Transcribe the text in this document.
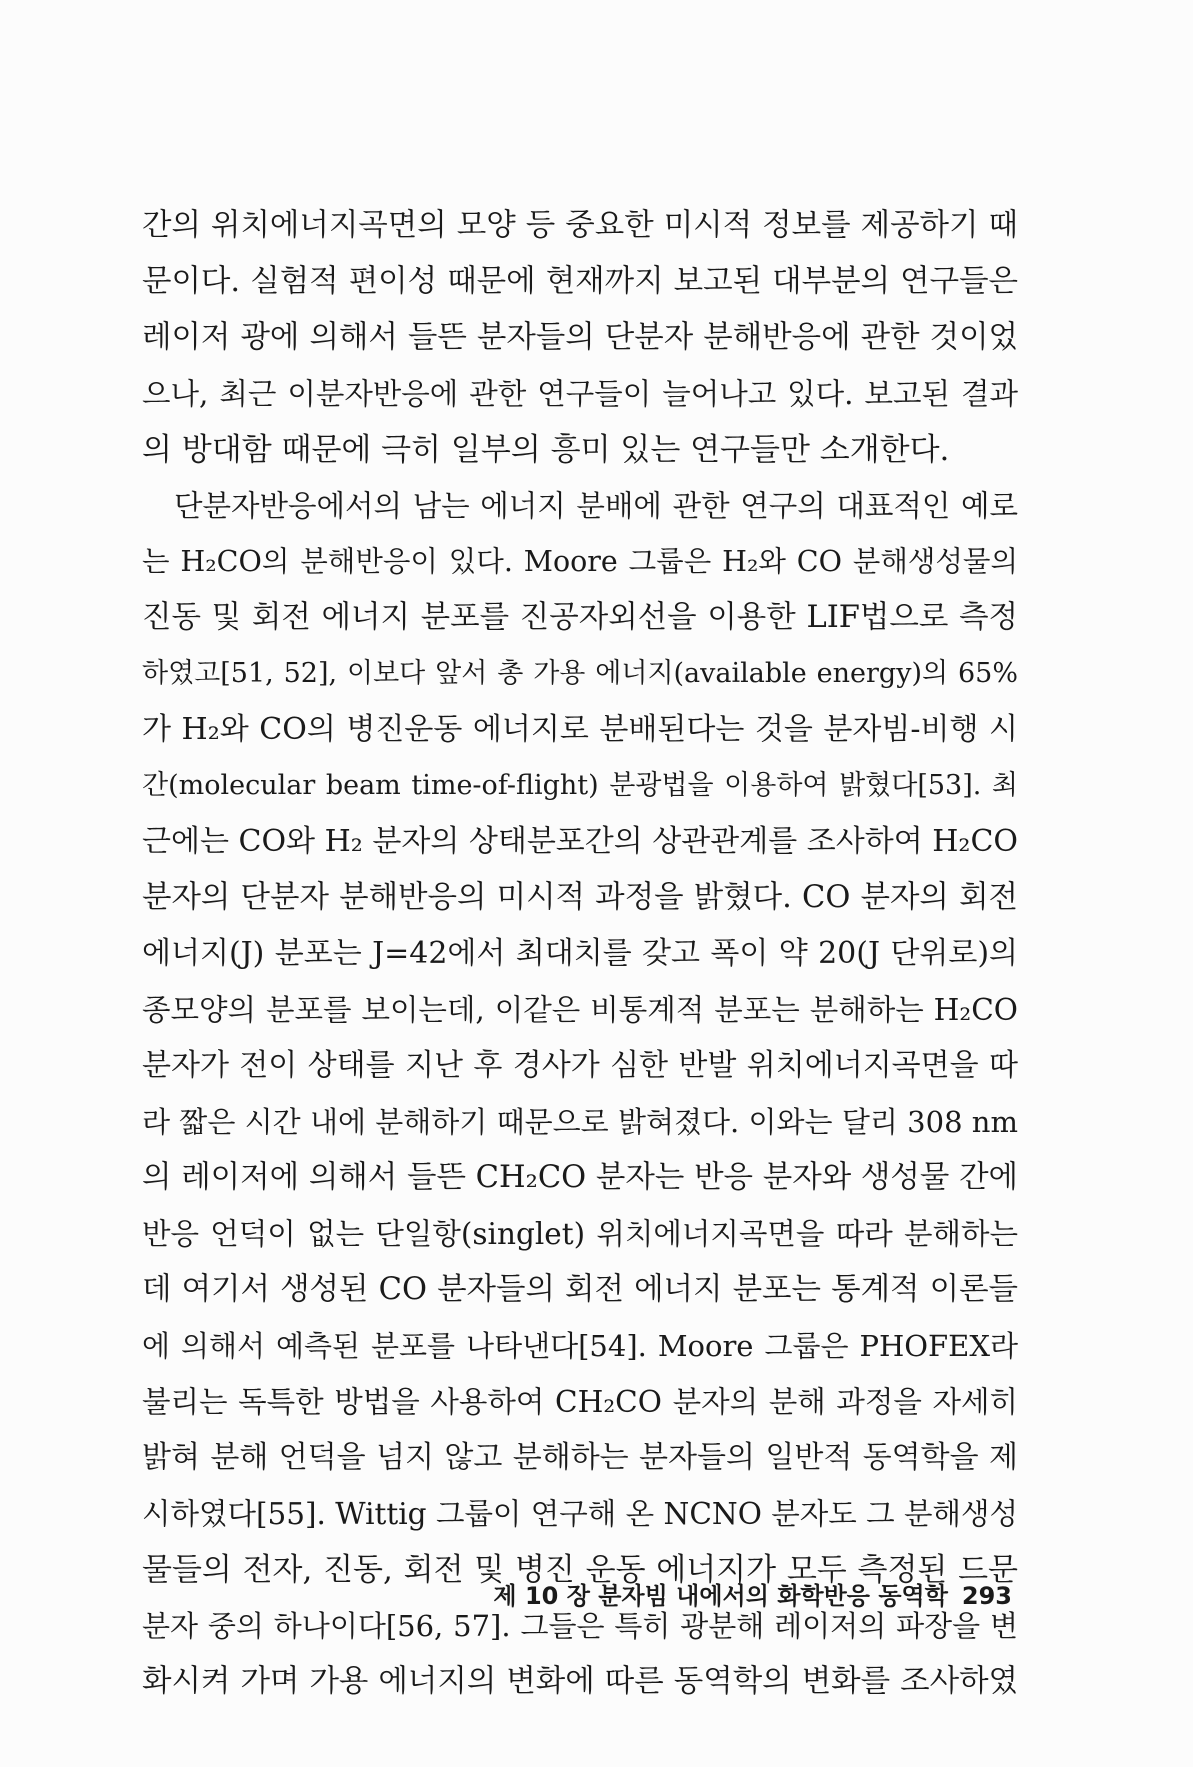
간의 위치에너지곡면의 모양 등 중요한 미시적 정보를 제공하기 때
문이다. 실험적 편이성 때문에 현재까지 보고된 대부분의 연구들은
레이저 광에 의해서 들뜬 분자들의 단분자 분해반응에 관한 것이었
으나, 최근 이분자반응에 관한 연구들이 늘어나고 있다. 보고된 결과
의 방대함 때문에 극히 일부의 흥미 있는 연구들만 소개한다.
단분자반응에서의 남는 에너지 분배에 관한 연구의 대표적인 예로
는 H₂CO의 분해반응이 있다. Moore 그룹은 H₂와 CO 분해생성물의
진동 및 회전 에너지 분포를 진공자외선을 이용한 LIF법으로 측정
하였고[51, 52], 이보다 앞서 총 가용 에너지(available energy)의 65%
가 H₂와 CO의 병진운동 에너지로 분배된다는 것을 분자빔-비행 시
간(molecular beam time-of-flight) 분광법을 이용하여 밝혔다[53]. 최
근에는 CO와 H₂ 분자의 상태분포간의 상관관계를 조사하여 H₂CO
분자의 단분자 분해반응의 미시적 과정을 밝혔다. CO 분자의 회전
에너지(J) 분포는 J=42에서 최대치를 갖고 폭이 약 20(J 단위로)의
종모양의 분포를 보이는데, 이같은 비통계적 분포는 분해하는 H₂CO
분자가 전이 상태를 지난 후 경사가 심한 반발 위치에너지곡면을 따
라 짧은 시간 내에 분해하기 때문으로 밝혀졌다. 이와는 달리 308 nm
의 레이저에 의해서 들뜬 CH₂CO 분자는 반응 분자와 생성물 간에
반응 언덕이 없는 단일항(singlet) 위치에너지곡면을 따라 분해하는
데 여기서 생성된 CO 분자들의 회전 에너지 분포는 통계적 이론들
에 의해서 예측된 분포를 나타낸다[54]. Moore 그룹은 PHOFEX라
불리는 독특한 방법을 사용하여 CH₂CO 분자의 분해 과정을 자세히
밝혀 분해 언덕을 넘지 않고 분해하는 분자들의 일반적 동역학을 제
시하였다[55]. Wittig 그룹이 연구해 온 NCNO 분자도 그 분해생성
물들의 전자, 진동, 회전 및 병진 운동 에너지가 모두 측정된 드문
분자 중의 하나이다[56, 57]. 그들은 특히 광분해 레이저의 파장을 변
화시켜 가며 가용 에너지의 변화에 따른 동역학의 변화를 조사하였
제 10 장 분자빔 내에서의 화학반응 동역학 293
